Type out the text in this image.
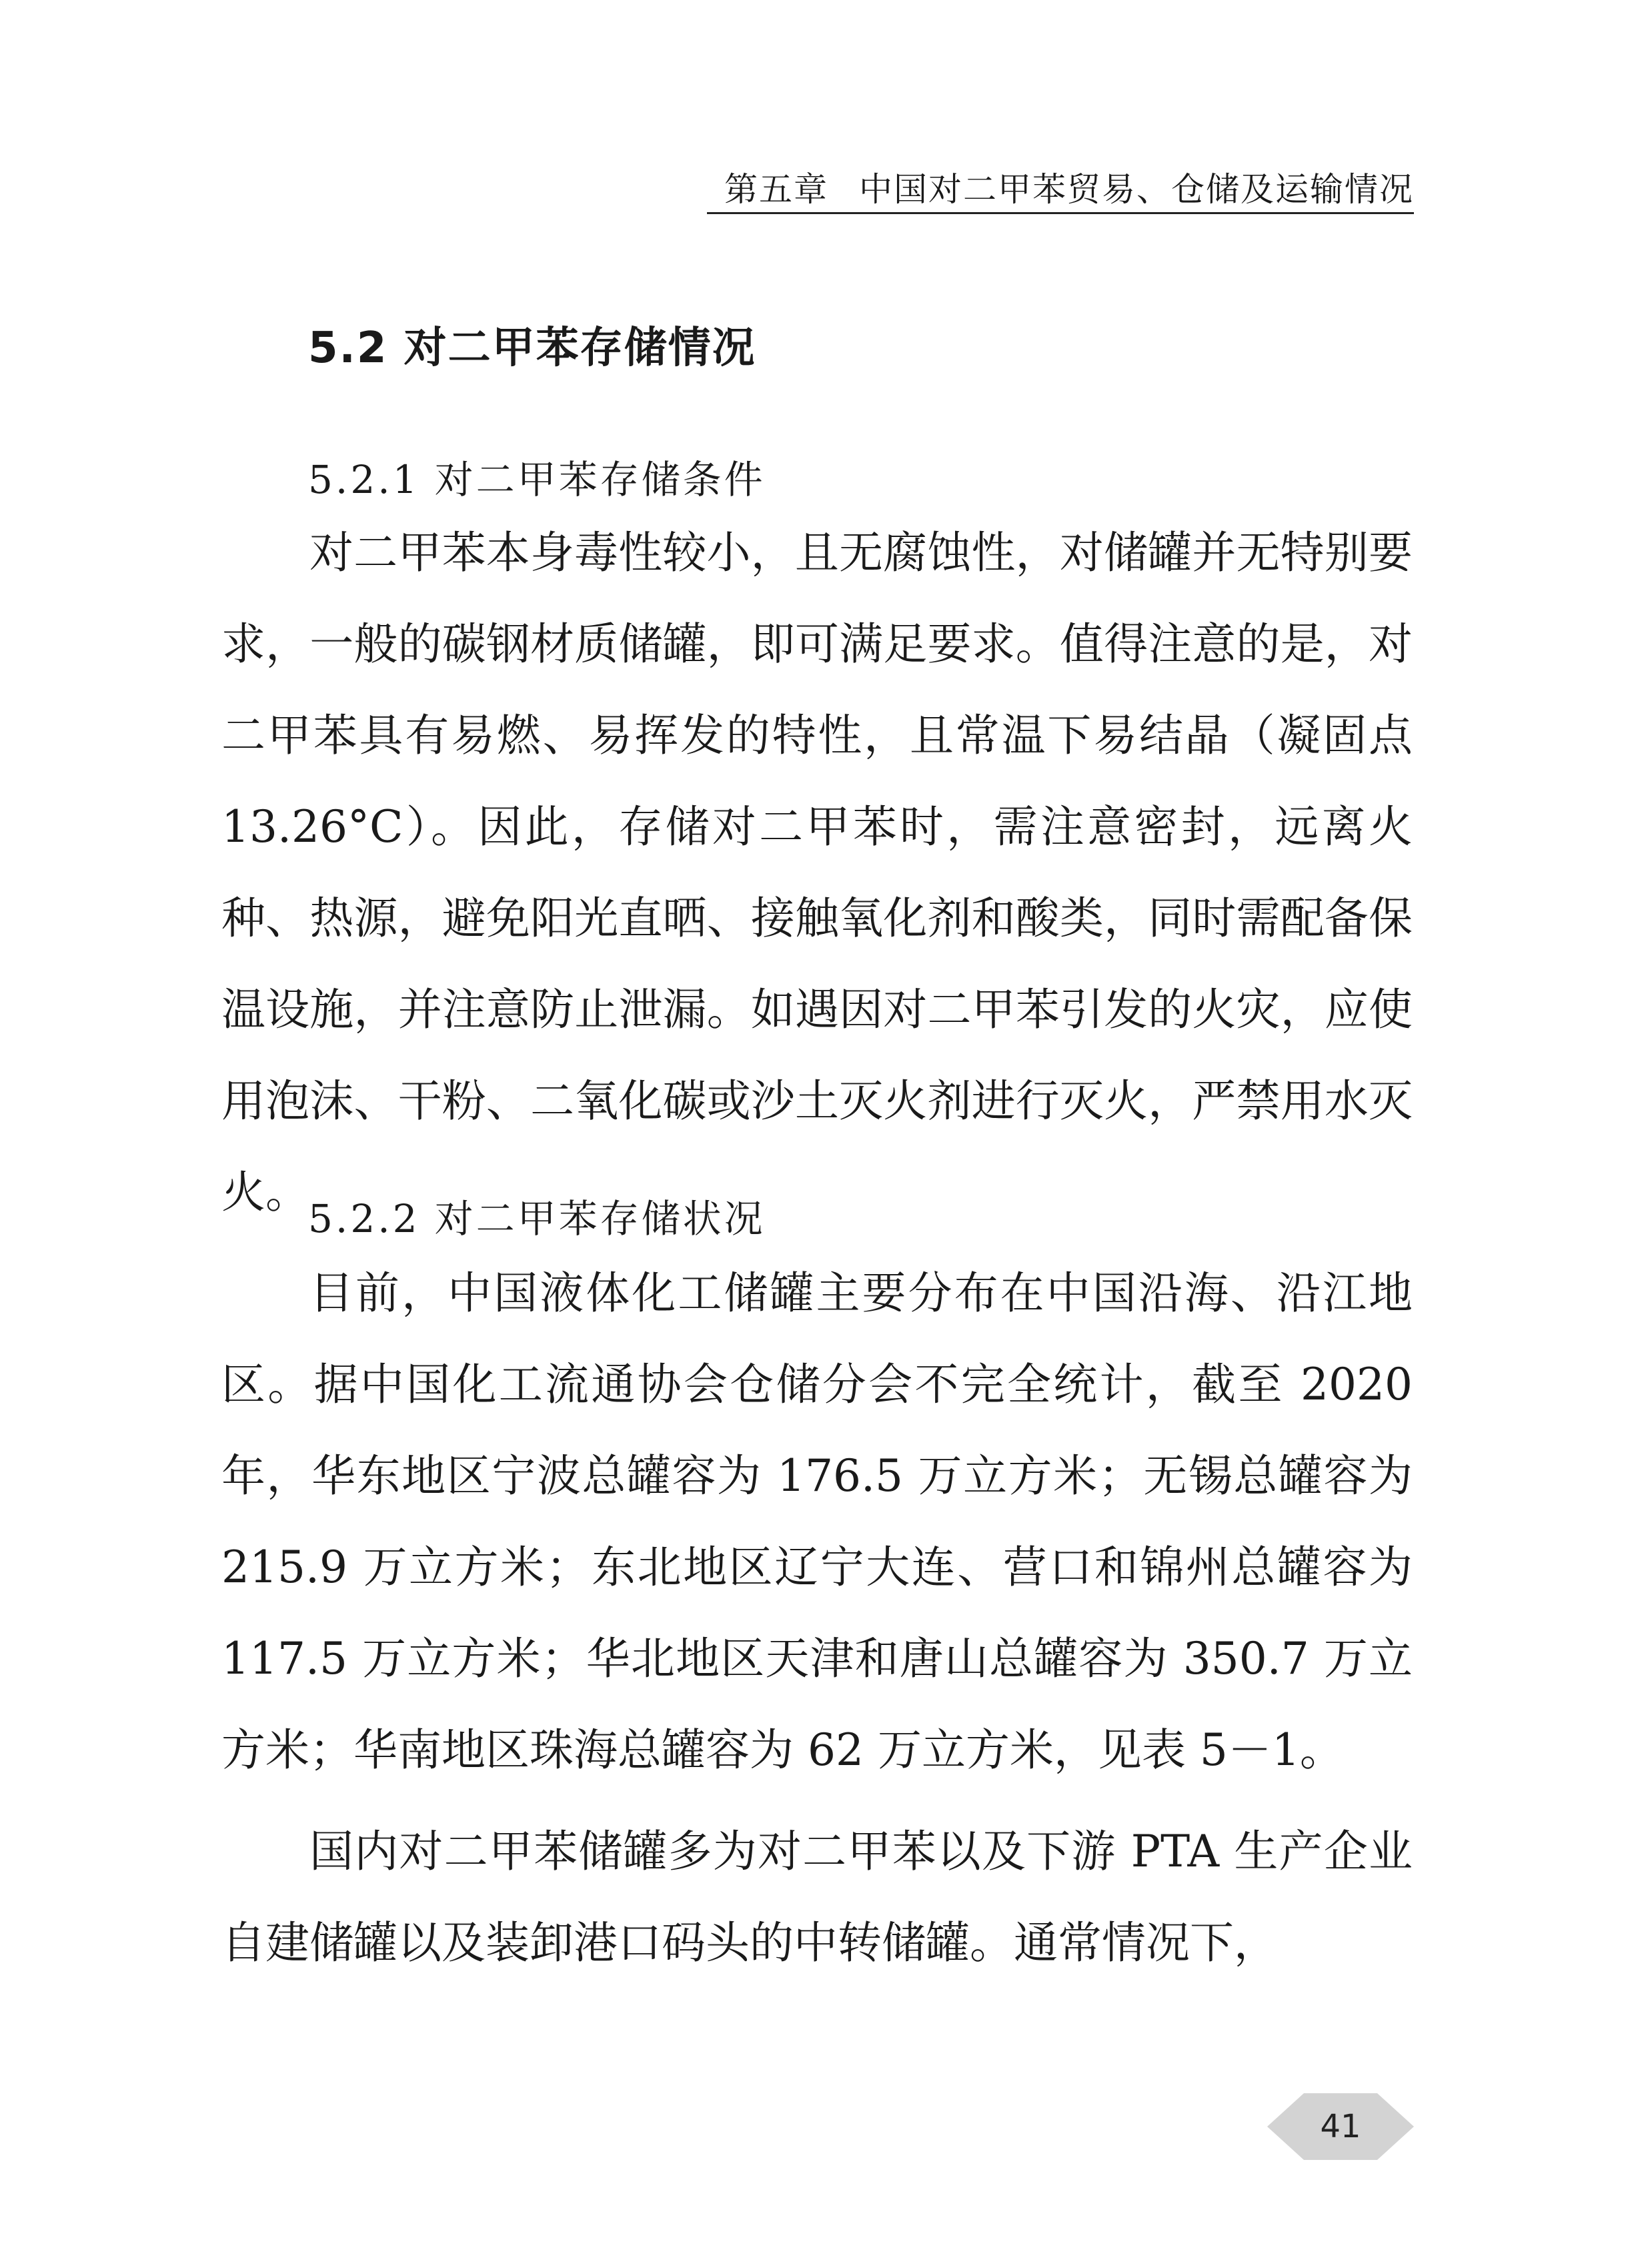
第五章 中国对二甲苯贸易、仓储及运输情况
5.2 对二甲苯存储情况
5.2.1 对二甲苯存储条件

对二甲苯本身毒性较小，且无腐蚀性，对储罐并无特别要求，一般的碳钢材质储罐，即可满足要求。值得注意的是，对二甲苯具有易燃、易挥发的特性，且常温下易结晶（凝固点 13.26°C）。因此，存储对二甲苯时，需注意密封，远离火种、热源，避免阳光直晒、接触氧化剂和酸类，同时需配备保温设施，并注意防止泄漏。如遇因对二甲苯引发的火灾，应使用泡沫、干粉、二氧化碳或沙土灭火剂进行灭火，严禁用水灭火。

5.2.2 对二甲苯存储状况

目前，中国液体化工储罐主要分布在中国沿海、沿江地区。据中国化工流通协会仓储分会不完全统计，截至 2020 年，华东地区宁波总罐容为 176.5 万立方米；无锡总罐容为 215.9 万立方米；东北地区辽宁大连、营口和锦州总罐容为 117.5 万立方米；华北地区天津和唐山总罐容为 350.7 万立方米；华南地区珠海总罐容为 62 万立方米，见表 5－1。

国内对二甲苯储罐多为对二甲苯以及下游 PTA 生产企业自建储罐以及装卸港口码头的中转储罐。通常情况下，

41
